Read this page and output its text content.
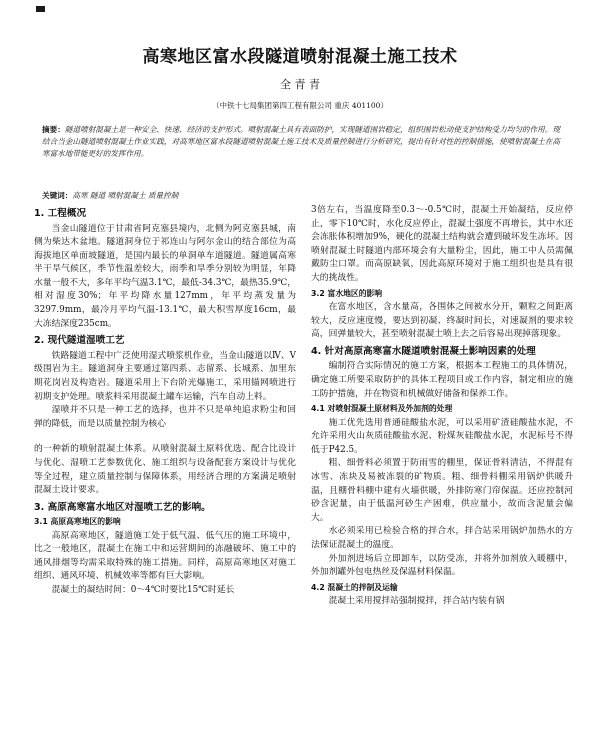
高寒地区富水段隧道喷射混凝土施工技术
全 青 青
（中铁十七局集团第四工程有限公司 重庆 401100）
摘要：隧道喷射混凝土是一种安全、快速、经济的支护形式。喷射混凝土具有表面防护，实现隧道围岩稳定，组织围岩松动使支护结构受力均匀的作用。现结合当金山隧道喷射混凝土作业实践，对高寒地区富水段隧道喷射混凝土施工技术及质量控制进行分析研究，提出有针对性的控制措施，使喷射混凝土在高寒富水地带能更好的发挥作用。
关键词：高寒 隧道 喷射混凝土 质量控制
1. 工程概况

当金山隧道位于甘肃省阿克塞县境内，北侧为阿克塞县城，南侧为柴达木盆地。隧道洞身位于祁连山与阿尔金山的结合部位为高海拔地区单面坡隧道，是国内最长的单洞单车道隧道。隧道属高寒半干旱气候区，季节性温差较大，雨季和旱季分别较为明显，年降水量一般不大，多年平均气温3.1℃，最低-34.3℃，最热35.9℃，相对湿度30%；年平均降水量127mm，年平均蒸发量为3297.9mm，最冷月平均气温-13.1℃，最大积雪厚度16cm，最大冻结深度235cm。

2. 现代隧道湿喷工艺

铁路隧道工程中广泛使用湿式喷浆机作业，当金山隧道以Ⅳ、Ⅴ级围岩为主。隧道洞身主要通过第四系、志留系、长城系、加里东期花岗岩及构造岩。隧道采用上下台阶光爆施工，采用锚网喷进行初期支护处理。喷浆料采用混凝土罐车运输，汽车自动上料。

湿喷并不只是一种工艺的选择，也并不只是单纯追求粉尘和回弹的降低，而是以质量控制为核心

的一种新的喷射混凝土体系。从喷射混凝土原料优选、配合比设计与优化、湿喷工艺参数优化、施工组织与设备配套方案设计与优化等全过程，建立质量控制与保障体系，用经济合理的方案满足喷射混凝土设计要求。

3. 高原高寒富水地区对湿喷工艺的影响。
3.1 高原高寒地区的影响

高原高寒地区，隧道施工处于低气温、低气压的施工环境中，比之一般地区，混凝土在施工中和运营期间的冻融破坏、施工中的通风排烟等均需采取特殊的施工措施。同样，高原高寒地区对施工组织、通风环境、机械效率等都有巨大影响。

混凝土的凝结时间：0～4℃时要比15℃时延长

3倍左右，当温度降至0.3～-0.5℃时，混凝土开始凝结，反应停止，零下10℃时，水化反应停止，混凝土强度不再增长，其中水还会冻胀体积增加9%，硬化的混凝土结构就会遭到破坏发生冻坏。因喷射混凝土时隧道内部环境会有大量粉尘，因此，施工中人员需佩戴防尘口罩。而高原缺氧，因此高原环境对于施工组织也是具有很大的挑战性。

3.2 富水地区的影响

在富水地区，含水量高，各围体之间被水分开，颗粒之间距离较大，反应速度慢，要达到初凝、终凝时间长，对速凝剂的要求较高，回弹量较大，甚至喷射混凝土喷上去之后容易出现掉落现象。

4. 针对高原高寒富水隧道喷射混凝土影响因素的处理

编制符合实际情况的施工方案，根据本工程施工的具体情况，确定施工所要采取防护的具体工程项目或工作内容，制定相应的施工防护措施，并在物资和机械做好储备和保养工作。

4.1 对喷射混凝土原材料及外加剂的处理

施工优先选用普通硅酸盐水泥，可以采用矿渣硅酸盐水泥，不允许采用火山灰质硅酸盐水泥、粉煤灰硅酸盐水泥，水泥标号不得低于P42.5。

粗、细骨料必须置于防雨雪的棚里，保证骨料清洁，不得混有冰雪、冻块及易被冻裂的矿物质。粗、细骨料棚采用锅炉供暖升温，且棚骨料棚中建有火墙供暖，外排防寒门帘保温。还应控制河砂含泥量，由于低温河砂生产困难，供应量小，故而含泥量会偏大。

水必须采用已检验合格的拌合水，拌合站采用锅炉加热水的方法保证混凝土的温度。

外加剂进场后立即卸车，以防受冻，并将外加剂放入暖棚中，外加剂罐外包电热丝及保温材料保温。

4.2 混凝土的拌制及运输

混凝土采用搅拌站强制搅拌，拌合站内装有锅
